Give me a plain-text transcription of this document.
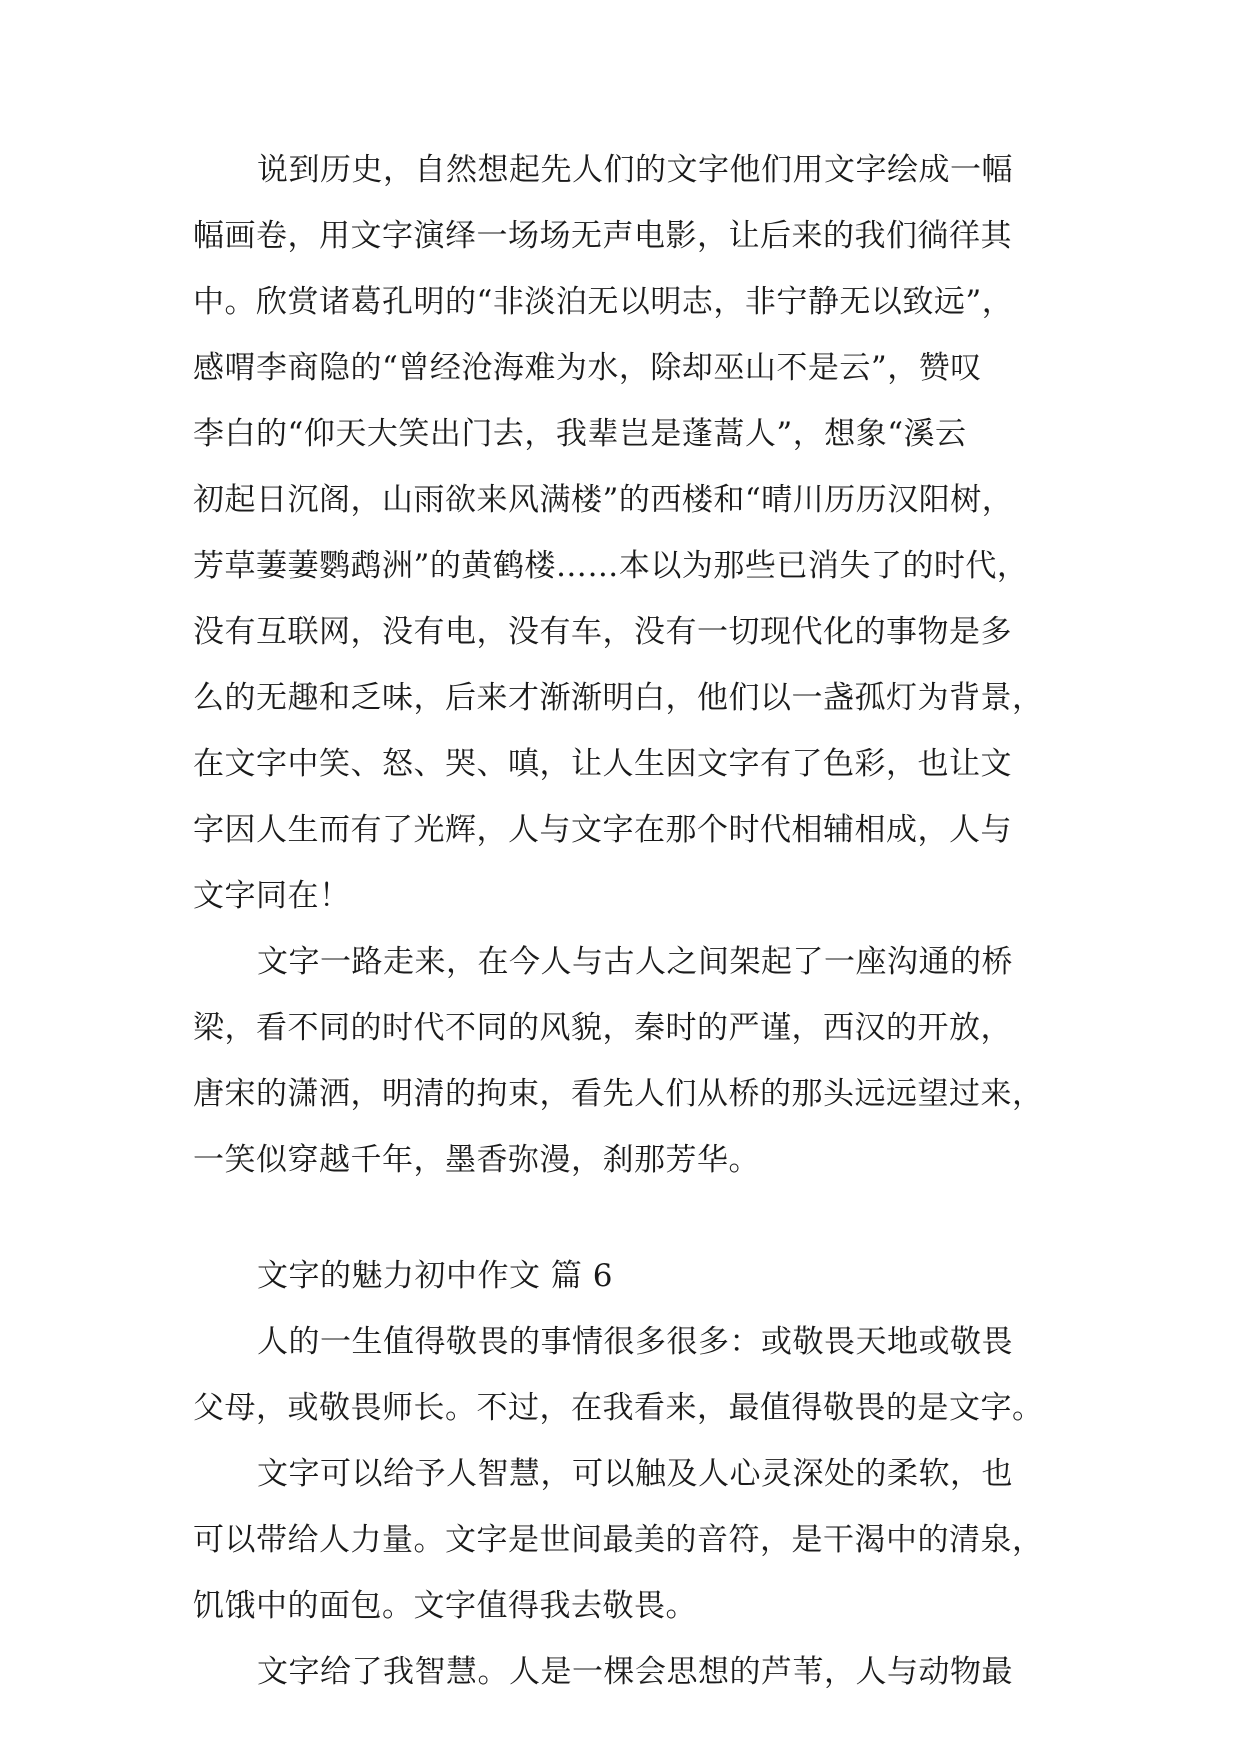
说到历史，自然想起先人们的文字他们用文字绘成一幅
幅画卷，用文字演绎一场场无声电影，让后来的我们徜徉其
中。欣赏诸葛孔明的“非淡泊无以明志，非宁静无以致远”，
感喟李商隐的“曾经沧海难为水，除却巫山不是云”，赞叹
李白的“仰天大笑出门去，我辈岂是蓬蒿人”，想象“溪云
初起日沉阁，山雨欲来风满楼”的西楼和“晴川历历汉阳树，
芳草萋萋鹦鹉洲”的黄鹤楼……本以为那些已消失了的时代，
没有互联网，没有电，没有车，没有一切现代化的事物是多
么的无趣和乏味，后来才渐渐明白，他们以一盏孤灯为背景，
在文字中笑、怒、哭、嗔，让人生因文字有了色彩，也让文
字因人生而有了光辉，人与文字在那个时代相辅相成，人与
文字同在！
文字一路走来，在今人与古人之间架起了一座沟通的桥
梁，看不同的时代不同的风貌，秦时的严谨，西汉的开放，
唐宋的潇洒，明清的拘束，看先人们从桥的那头远远望过来，
一笑似穿越千年，墨香弥漫，刹那芳华。
文字的魅力初中作文 篇 6
人的一生值得敬畏的事情很多很多：或敬畏天地或敬畏
父母，或敬畏师长。不过，在我看来，最值得敬畏的是文字。
文字可以给予人智慧，可以触及人心灵深处的柔软，也
可以带给人力量。文字是世间最美的音符，是干渴中的清泉，
饥饿中的面包。文字值得我去敬畏。
文字给了我智慧。人是一棵会思想的芦苇，人与动物最
